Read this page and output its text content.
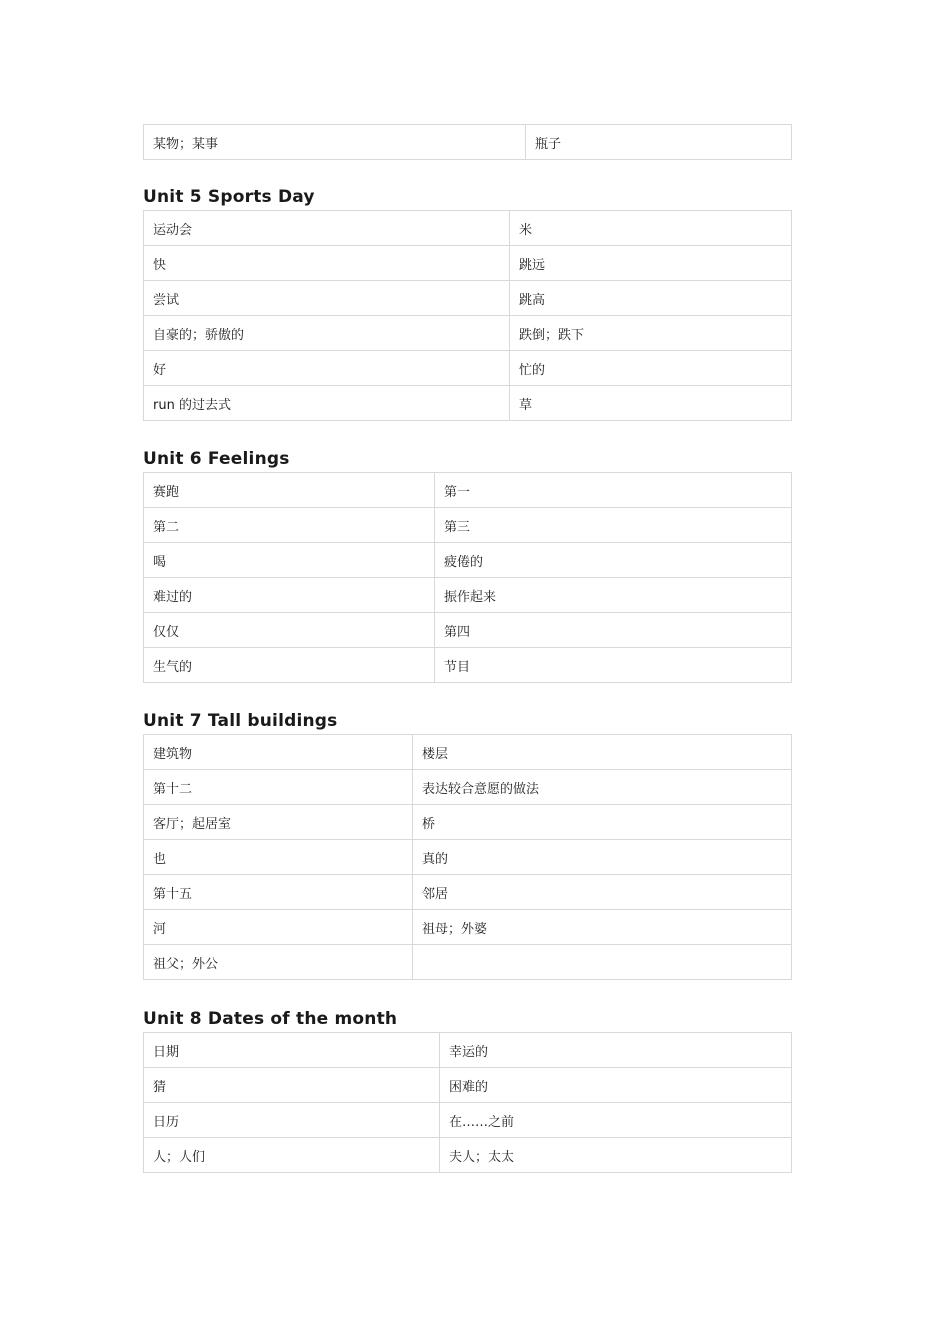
某物；某事	瓶子
Unit 5 Sports Day
运动会	米
快	跳远
尝试	跳高
自豪的；骄傲的	跌倒；跌下
好	忙的
run 的过去式	草
Unit 6 Feelings
赛跑	第一
第二	第三
喝	疲倦的
难过的	振作起来
仅仅	第四
生气的	节目
Unit 7 Tall buildings
建筑物	楼层
第十二	表达较合意愿的做法
客厅；起居室	桥
也	真的
第十五	邻居
河	祖母；外婆
祖父；外公	
Unit 8 Dates of the month
日期	幸运的
猜	困难的
日历	在……之前
人；人们	夫人；太太
